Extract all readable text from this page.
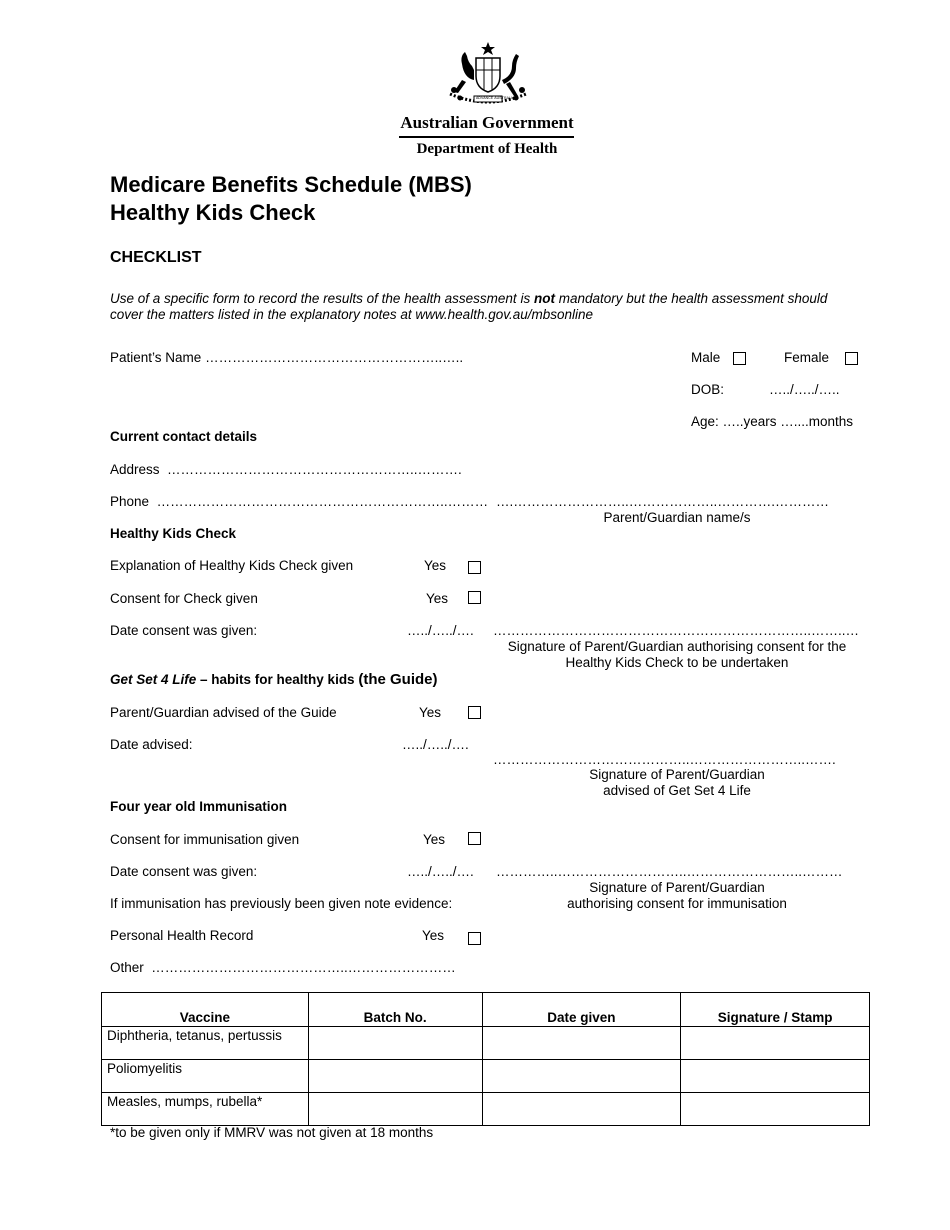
ADVANCE AUSTRALIA
Australian Government
Department of Health
Medicare Benefits Schedule (MBS)
Healthy Kids Check
CHECKLIST
Use of a specific form to record the results of the health assessment is not mandatory but the health assessment should
cover the matters listed in the explanatory notes at www.health.gov.au/mbsonline
Patient’s Name ……………………………………………..…..	Male	Female
DOB:	…../…../…..
Age: …..years …....months
Current contact details
Address ………………………………………………..……….
Phone ………………………………………………………..……… ….……………………..………………..………….…………
Parent/Guardian name/s
Healthy Kids Check
Explanation of Healthy Kids Check given	Yes
Consent for Check given	Yes
Date consent was given:	…../…../…. ……………………………………………………………..……..…
Signature of Parent/Guardian authorising consent for the
Healthy Kids Check to be undertaken
Get Set 4 Life – habits for healthy kids (the Guide)
Parent/Guardian advised of the Guide	Yes
Date advised:	…../…../….
……………………………………..……………………..…….
Signature of Parent/Guardian
advised of Get Set 4 Life
Four year old Immunisation
Consent for immunisation given	Yes
Date consent was given:	…../…../…. …………..………………………..……………………..………
Signature of Parent/Guardian
authorising consent for immunisation
If immunisation has previously been given note evidence:
Personal Health Record	Yes
Other ……………………………………..……………………
Vaccine	Batch No.	Date given	Signature / Stamp
Diphtheria, tetanus, pertussis			
Poliomyelitis			
Measles, mumps, rubella*			
*to be given only if MMRV was not given at 18 months
